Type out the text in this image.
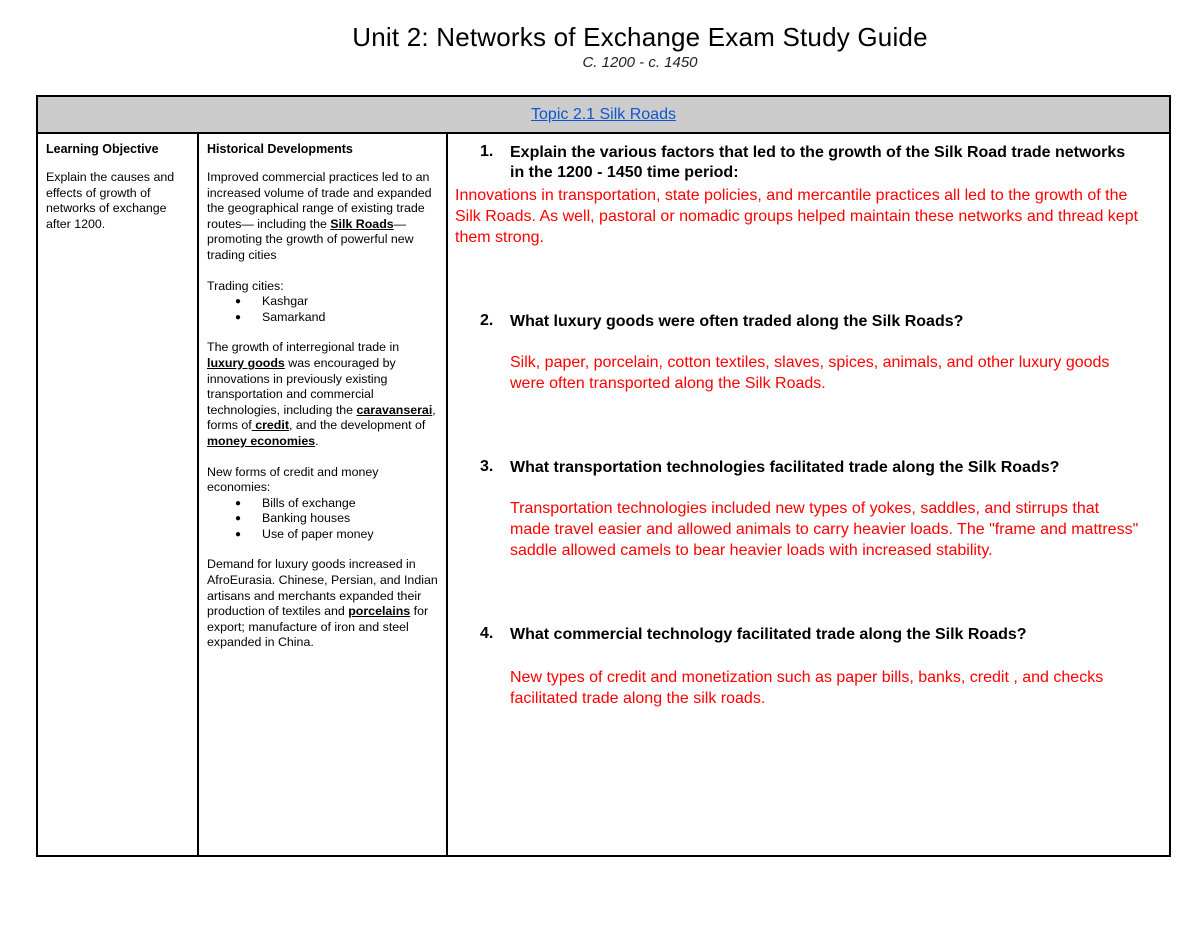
Unit 2: Networks of Exchange Exam Study Guide
C. 1200 - c. 1450
Topic 2.1 Silk Roads
Learning Objective
Explain the causes and effects of growth of networks of exchange after 1200.
Historical Developments

Improved commercial practices led to an increased volume of trade and expanded the geographical range of existing trade routes— including the Silk Roads—promoting the growth of powerful new trading cities

Trading cities:
● Kashgar
● Samarkand

The growth of interregional trade in luxury goods was encouraged by innovations in previously existing transportation and commercial technologies, including the caravanserai, forms of credit, and the development of money economies.

New forms of credit and money economies:
● Bills of exchange
● Banking houses
● Use of paper money

Demand for luxury goods increased in AfroEurasia. Chinese, Persian, and Indian artisans and merchants expanded their production of textiles and porcelains for export; manufacture of iron and steel expanded in China.

1. Explain the various factors that led to the growth of the Silk Road trade networks in the 1200 - 1450 time period:
Innovations in transportation, state policies, and mercantile practices all led to the growth of the Silk Roads. As well, pastoral or nomadic groups helped maintain these networks and thread kept them strong.
2. What luxury goods were often traded along the Silk Roads?
Silk, paper, porcelain, cotton textiles, slaves, spices, animals, and other luxury goods were often transported along the Silk Roads.
3. What transportation technologies facilitated trade along the Silk Roads?
Transportation technologies included new types of yokes, saddles, and stirrups that made travel easier and allowed animals to carry heavier loads. The "frame and mattress" saddle allowed camels to bear heavier loads with increased stability.
4. What commercial technology facilitated trade along the Silk Roads?
New types of credit and monetization such as paper bills, banks, credit , and checks facilitated trade along the silk roads.
